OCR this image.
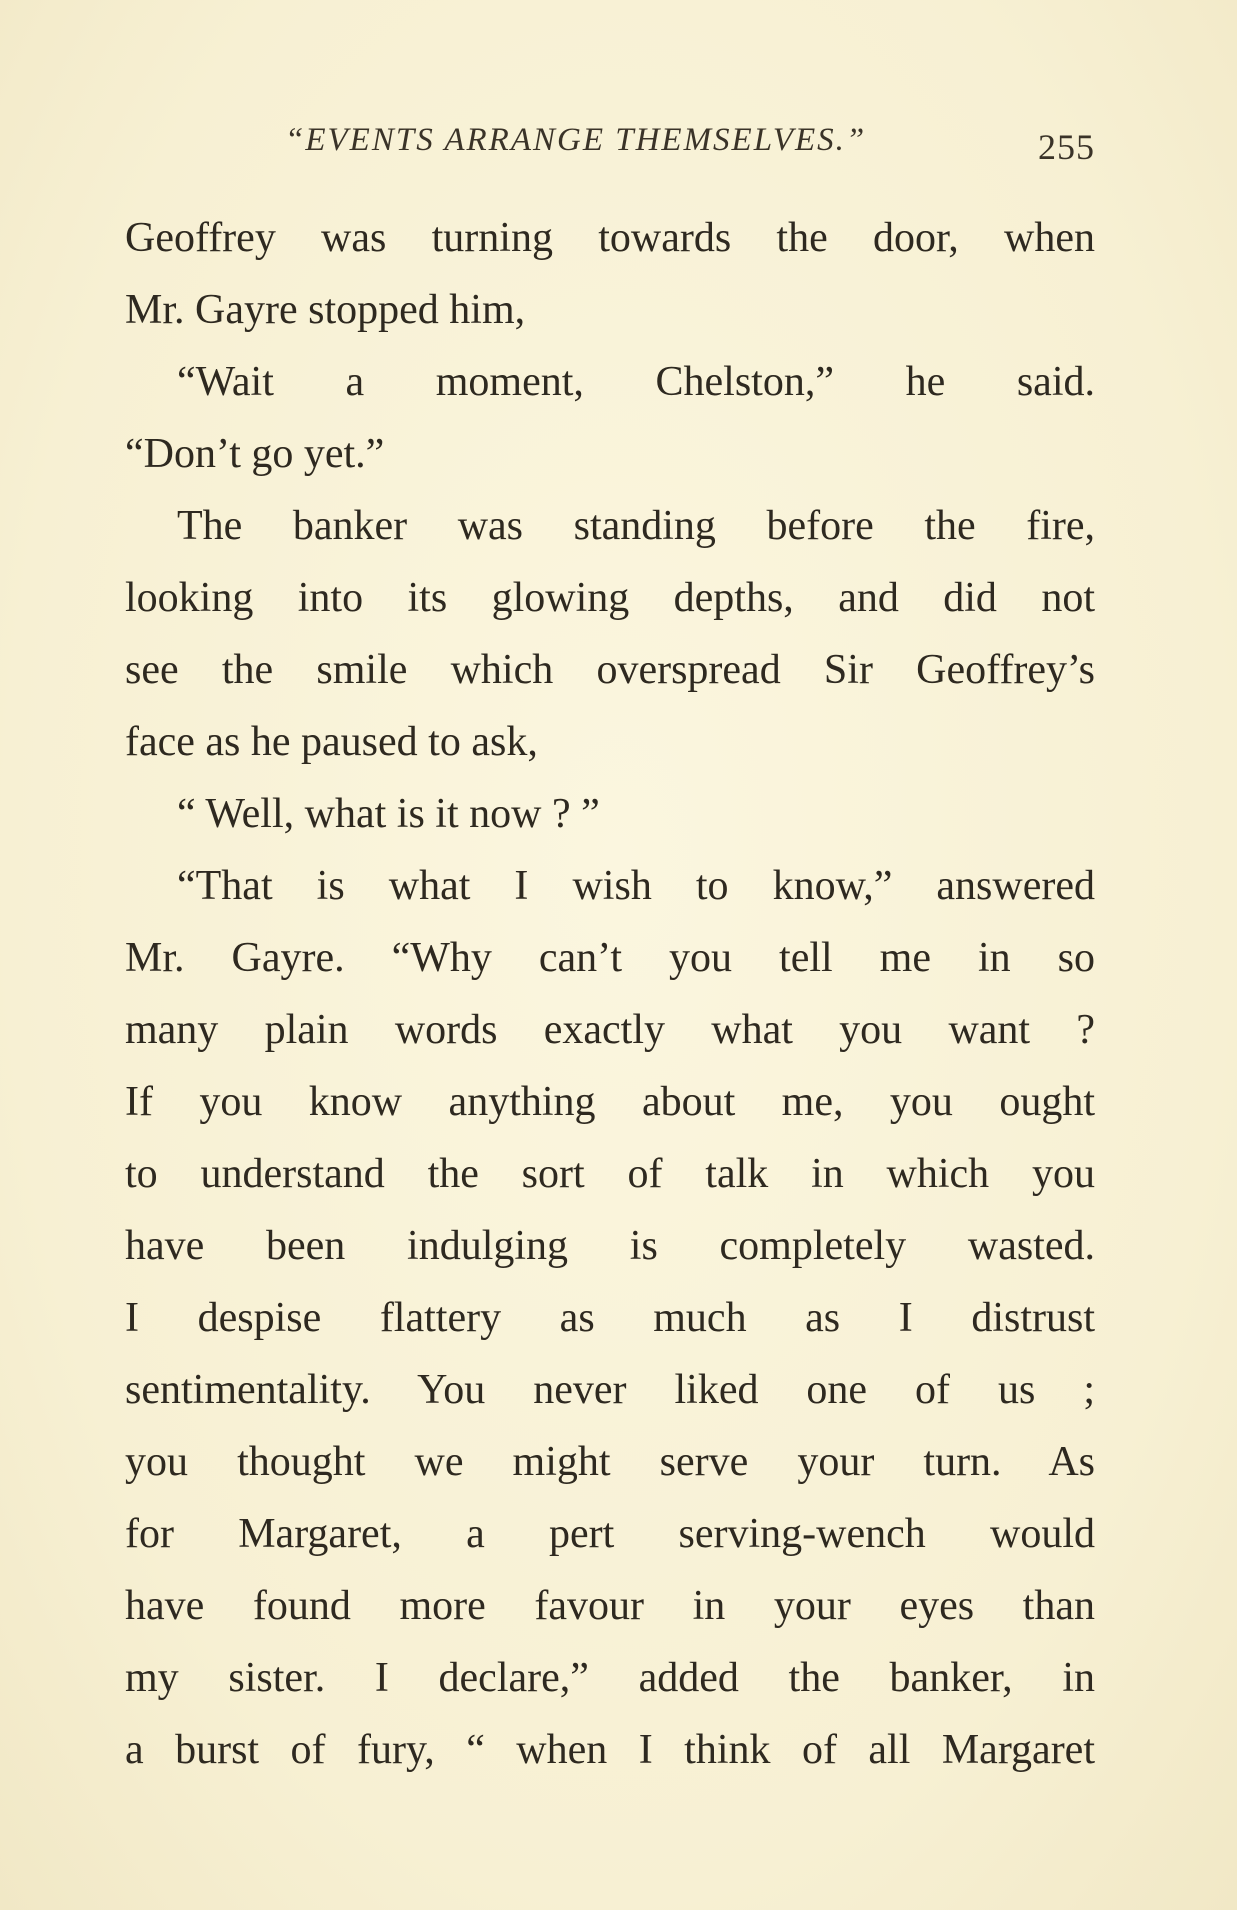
“EVENTS ARRANGE THEMSELVES.”	255
Geoffrey was turning towards the door, when
Mr. Gayre stopped him,
“Wait a moment, Chelston,” he said.
“Don’t go yet.”
The banker was standing before the fire,
looking into its glowing depths, and did not
see the smile which overspread Sir Geoffrey’s
face as he paused to ask,
“ Well, what is it now ? ”
“That is what I wish to know,” answered
Mr. Gayre. “Why can’t you tell me in so
many plain words exactly what you want ?
If you know anything about me, you ought
to understand the sort of talk in which you
have been indulging is completely wasted.
I despise flattery as much as I distrust
sentimentality. You never liked one of us ;
you thought we might serve your turn. As
for Margaret, a pert serving-wench would
have found more favour in your eyes than
my sister. I declare,” added the banker, in
a burst of fury, “ when I think of all Margaret
